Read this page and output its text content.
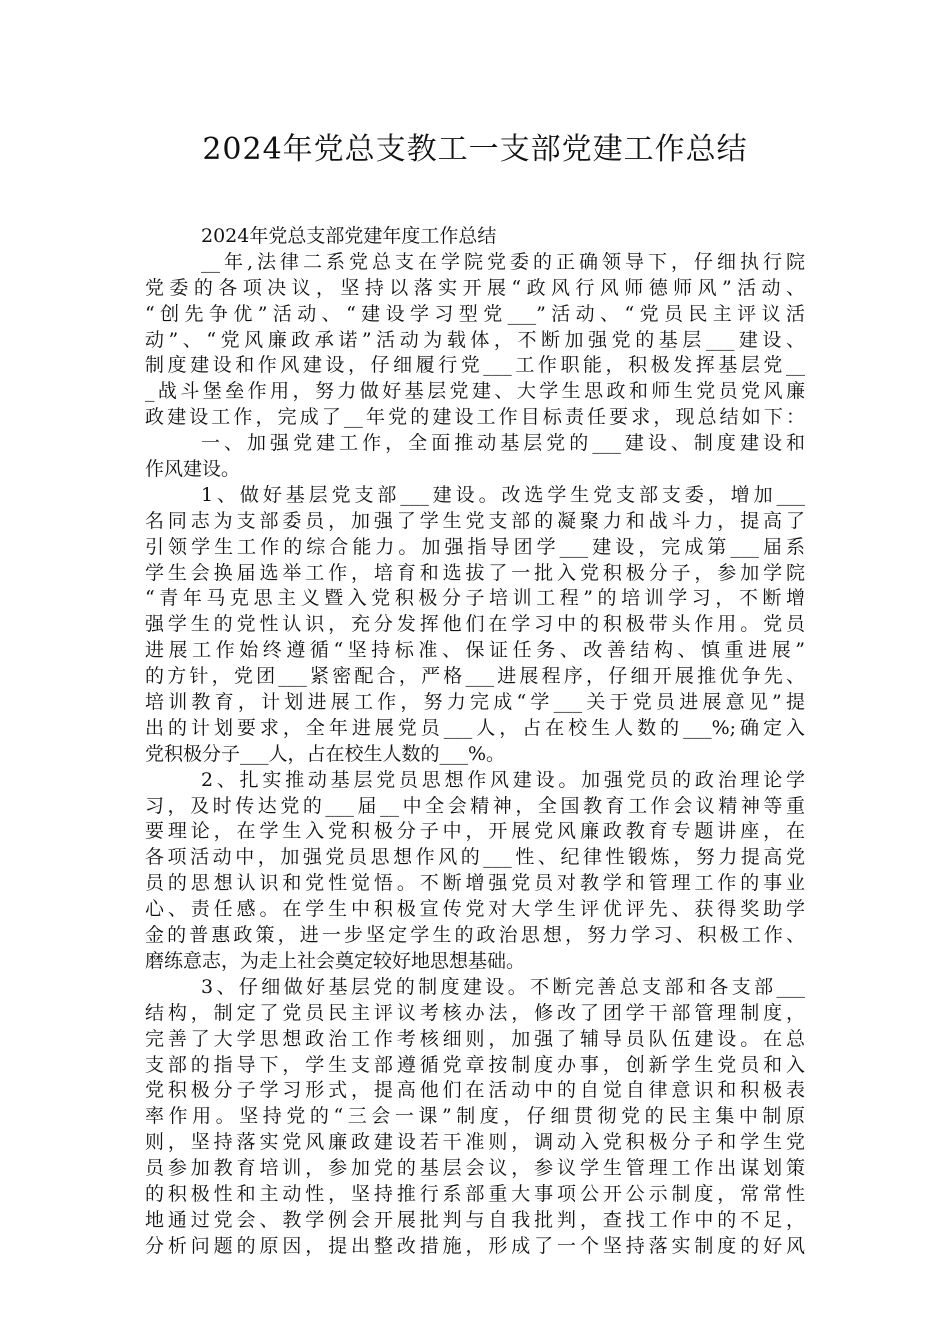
2024年党总支教工一支部党建工作总结
2024年党总支部党建年度工作总结
__年,法律二系党总支在学院党委的正确领导下，仔细执行院
党委的各项决议，坚持以落实开展“政风行风师德师风”活动、
“创先争优”活动、“建设学习型党___”活动、“党员民主评议活
动”、“党风廉政承诺”活动为载体，不断加强党的基层___建设、
制度建设和作风建设，仔细履行党___工作职能，积极发挥基层党__
_战斗堡垒作用，努力做好基层党建、大学生思政和师生党员党风廉
政建设工作，完成了__年党的建设工作目标责任要求，现总结如下：
一、加强党建工作，全面推动基层党的___建设、制度建设和
作风建设。
1、做好基层党支部___建设。改选学生党支部支委，增加___
名同志为支部委员，加强了学生党支部的凝聚力和战斗力，提高了
引领学生工作的综合能力。加强指导团学___建设，完成第___届系
学生会换届选举工作，培育和选拔了一批入党积极分子，参加学院
“青年马克思主义暨入党积极分子培训工程”的培训学习，不断增
强学生的党性认识，充分发挥他们在学习中的积极带头作用。党员
进展工作始终遵循“坚持标准、保证任务、改善结构、慎重进展”
的方针，党团___紧密配合，严格___进展程序，仔细开展推优争先、
培训教育，计划进展工作，努力完成“学___关于党员进展意见”提
出的计划要求，全年进展党员___人，占在校生人数的___%;确定入
党积极分子___人，占在校生人数的___%。
2、扎实推动基层党员思想作风建设。加强党员的政治理论学
习，及时传达党的___届__中全会精神，全国教育工作会议精神等重
要理论，在学生入党积极分子中，开展党风廉政教育专题讲座，在
各项活动中，加强党员思想作风的___性、纪律性锻炼，努力提高党
员的思想认识和党性觉悟。不断增强党员对教学和管理工作的事业
心、责任感。在学生中积极宣传党对大学生评优评先、获得奖助学
金的普惠政策，进一步坚定学生的政治思想，努力学习、积极工作、
磨练意志，为走上社会奠定较好地思想基础。
3、仔细做好基层党的制度建设。不断完善总支部和各支部___
结构，制定了党员民主评议考核办法，修改了团学干部管理制度，
完善了大学思想政治工作考核细则，加强了辅导员队伍建设。在总
支部的指导下，学生支部遵循党章按制度办事，创新学生党员和入
党积极分子学习形式，提高他们在活动中的自觉自律意识和积极表
率作用。坚持党的“三会一课”制度，仔细贯彻党的民主集中制原
则，坚持落实党风廉政建设若干准则，调动入党积极分子和学生党
员参加教育培训，参加党的基层会议，参议学生管理工作出谋划策
的积极性和主动性，坚持推行系部重大事项公开公示制度，常常性
地通过党会、教学例会开展批判与自我批判，查找工作中的不足，
分析问题的原因，提出整改措施，形成了一个坚持落实制度的好风
